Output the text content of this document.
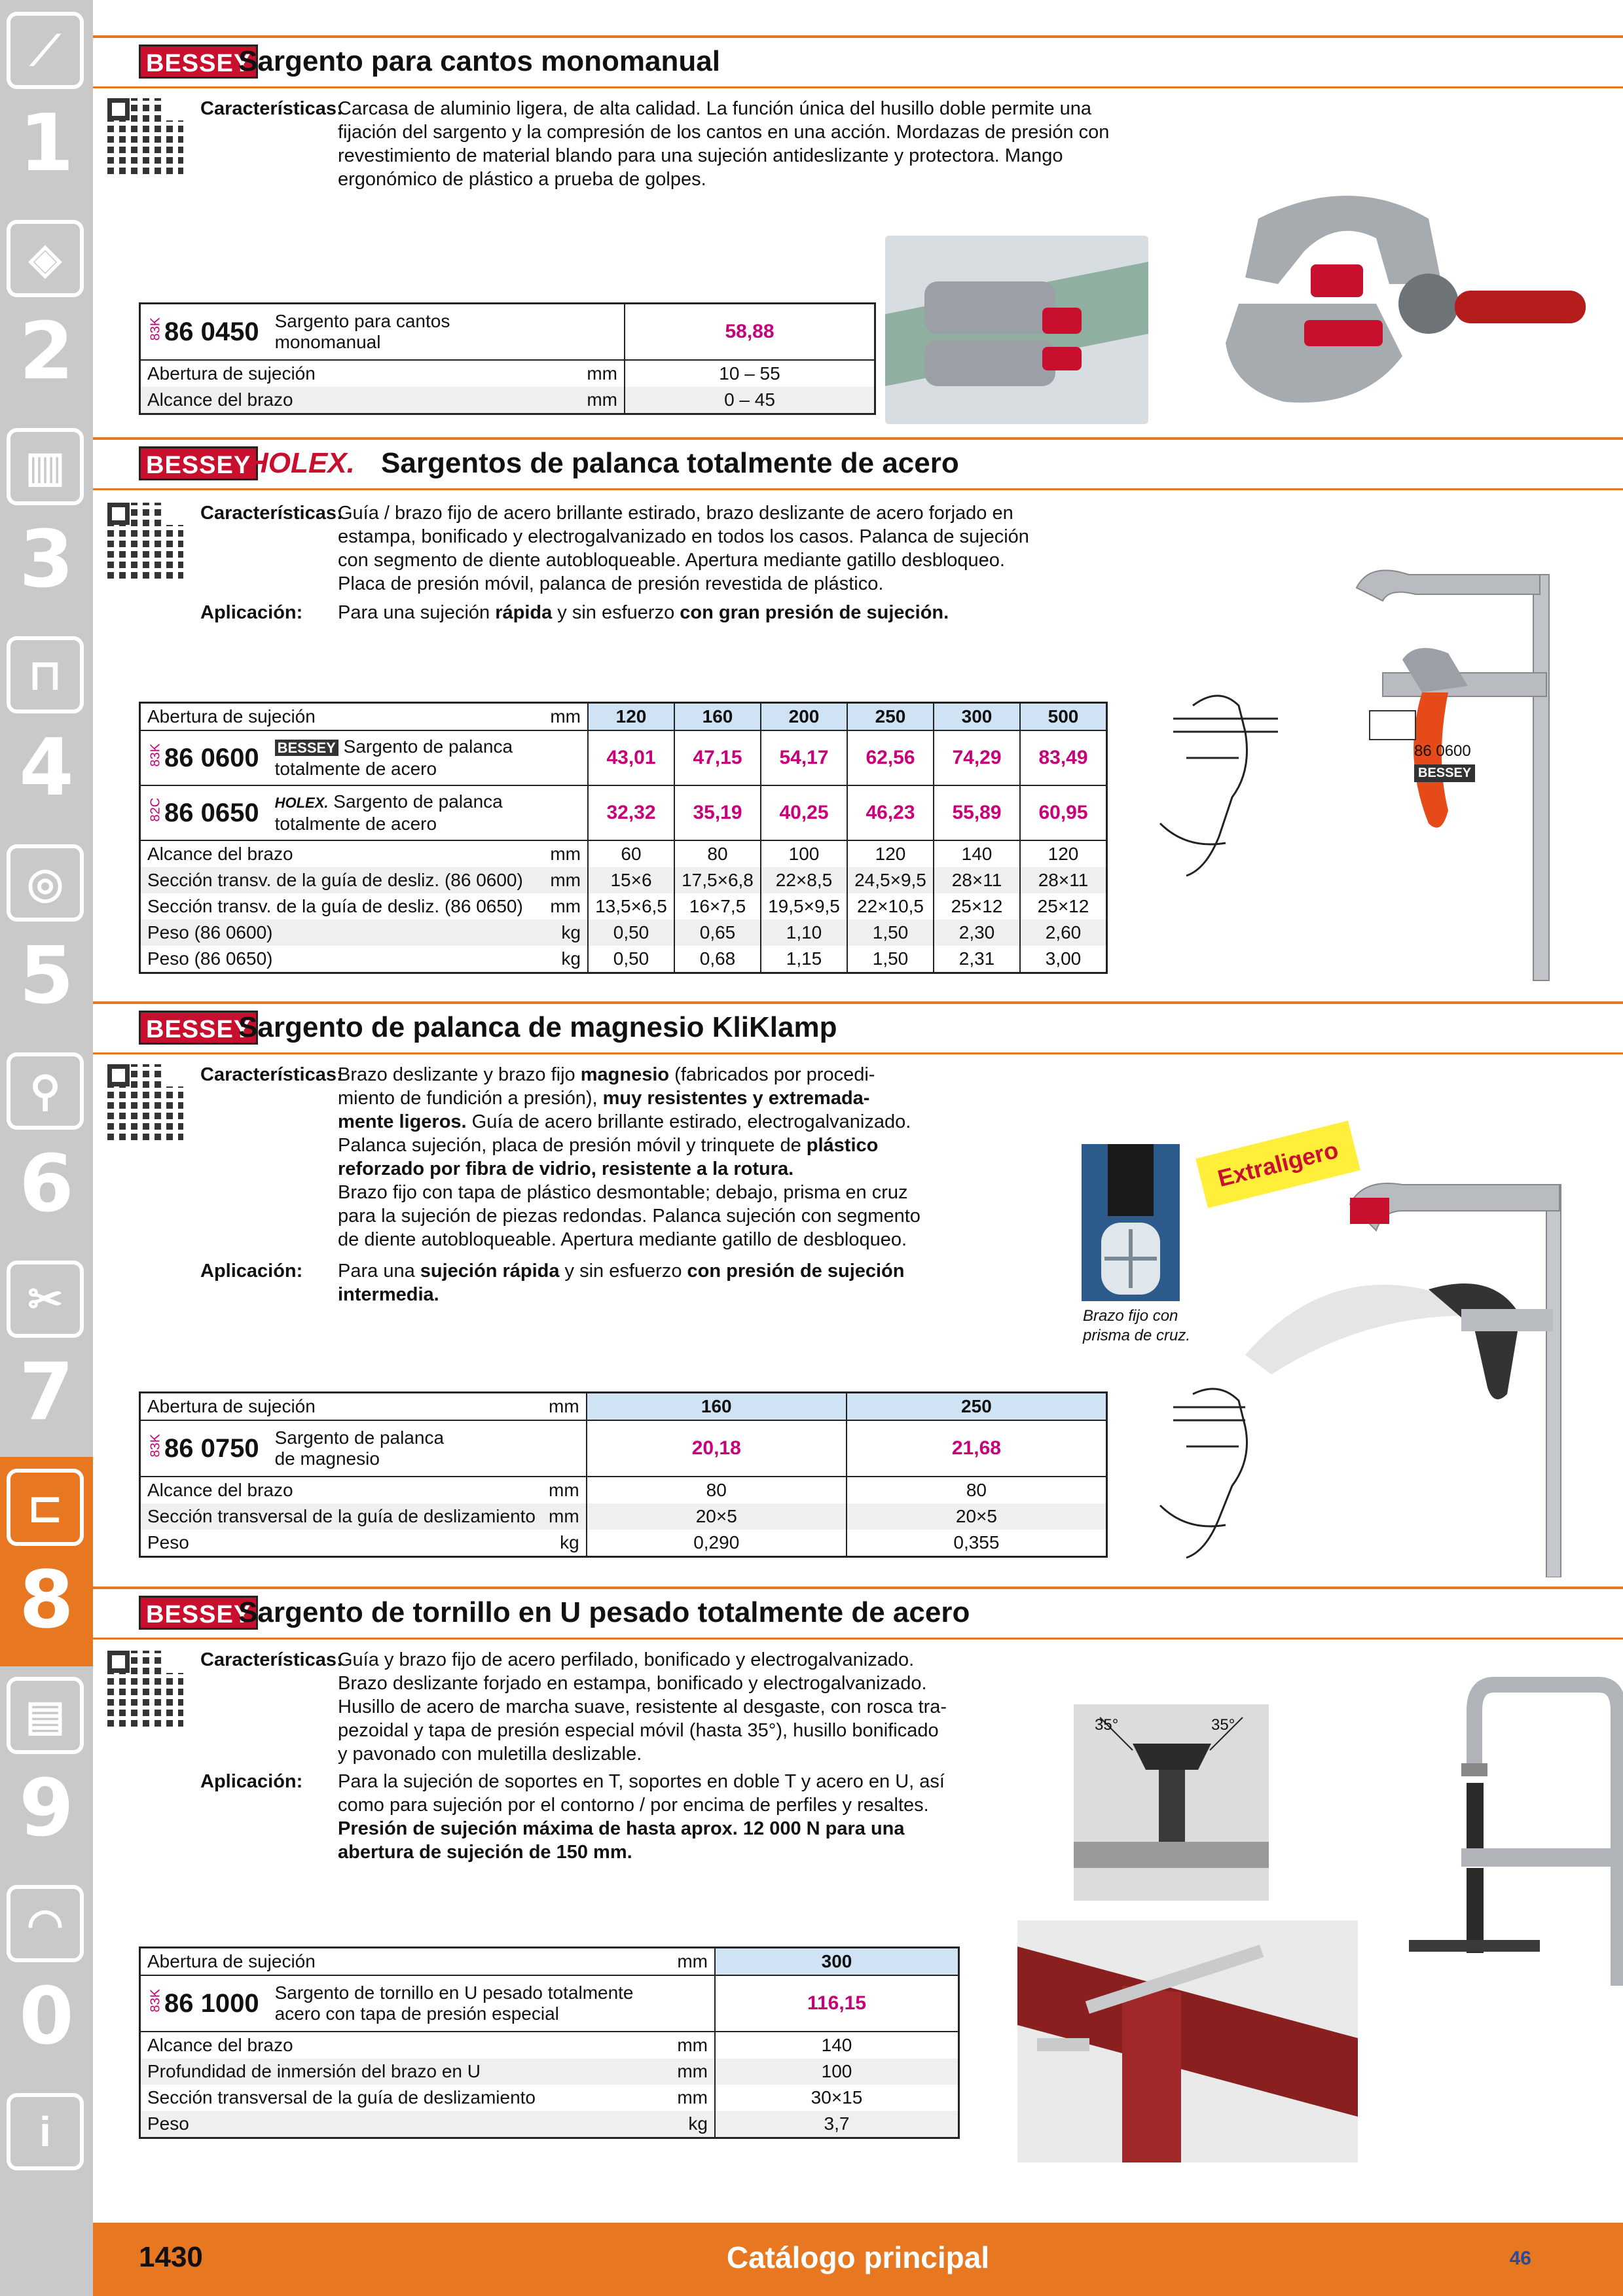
⟋
1
◈
2
▥
3
⊓
4
◎
5
⚲
6
✂
7
⊏
8
▤
9
◠
0
i
BESSEY
Sargento para cantos monomanual
Características:
Carcasa de aluminio ligera, de alta calidad. La función única del husillo doble permite una
fijación del sargento y la compresión de los cantos en una acción. Mordazas de presión con
revestimiento de material blando para una sujeción antideslizante y protectora. Mango
ergonómico de plástico a prueba de golpes.
83K86 0450 Sargento para cantos
monomanual		58,88
Abertura de sujeción	mm	10 – 55
Alcance del brazo	mm	0 – 45
BESSEY
HOLEX. Sargentos de palanca totalmente de acero
Características:
Guía / brazo fijo de acero brillante estirado, brazo deslizante de acero forjado en
estampa, bonificado y electrogalvanizado en todos los casos. Palanca de sujeción
con segmento de diente autobloqueable. Apertura mediante gatillo desbloqueo.
Placa de presión móvil, palanca de presión revestida de plástico.
Aplicación: Para una sujeción rápida y sin esfuerzo con gran presión de sujeción.
Abertura de sujeción	mm	120	160	200	250	300	500
83K86 0600 BESSEY Sargento de palanca
totalmente de acero		43,01	47,15	54,17	62,56	74,29	83,49
82C86 0650 HOLEX. Sargento de palanca
totalmente de acero		32,32	35,19	40,25	46,23	55,89	60,95
Alcance del brazo	mm	60	80	100	120	140	120
Sección transv. de la guía de desliz. (86 0600)	mm	15×6	17,5×6,8	22×8,5	24,5×9,5	28×11	28×11
Sección transv. de la guía de desliz. (86 0650)	mm	13,5×6,5	16×7,5	19,5×9,5	22×10,5	25×12	25×12
Peso (86 0600)	kg	0,50	0,65	1,10	1,50	2,30	2,60
Peso (86 0650)	kg	0,50	0,68	1,15	1,50	2,31	3,00
86 0600
BESSEY
BESSEY
Sargento de palanca de magnesio KliKlamp
Características:
Brazo deslizante y brazo fijo magnesio (fabricados por procedi-
miento de fundición a presión), muy resistentes y extremada-
mente ligeros. Guía de acero brillante estirado, electrogalvanizado.
Palanca sujeción, placa de presión móvil y trinquete de plástico
reforzado por fibra de vidrio, resistente a la rotura.
Brazo fijo con tapa de plástico desmontable; debajo, prisma en cruz
para la sujeción de piezas redondas. Palanca sujeción con segmento
de diente autobloqueable. Apertura mediante gatillo de desbloqueo.
Aplicación: Para una sujeción rápida y sin esfuerzo con presión de sujeción
intermedia.
Brazo fijo con
prisma de cruz.
Extraligero
Abertura de sujeción	mm	160	250
83K86 0750 Sargento de palanca
de magnesio		20,18	21,68
Alcance del brazo	mm	80	80
Sección transversal de la guía de deslizamiento	mm	20×5	20×5
Peso	kg	0,290	0,355
BESSEY
Sargento de tornillo en U pesado totalmente de acero
Características:
Guía y brazo fijo de acero perfilado, bonificado y electrogalvanizado.
Brazo deslizante forjado en estampa, bonificado y electrogalvanizado.
Husillo de acero de marcha suave, resistente al desgaste, con rosca tra-
pezoidal y tapa de presión especial móvil (hasta 35°), husillo bonificado
y pavonado con muletilla deslizable.
Aplicación: Para la sujeción de soportes en T, soportes en doble T y acero en U, así
como para sujeción por el contorno / por encima de perfiles y resaltes.
Presión de sujeción máxima de hasta aprox. 12 000 N para una
abertura de sujeción de 150 mm.
35°	35°
Abertura de sujeción	mm	300
83K86 1000 Sargento de tornillo en U pesado totalmente
acero con tapa de presión especial		116,15
Alcance del brazo	mm	140
Profundidad de inmersión del brazo en U	mm	100
Sección transversal de la guía de deslizamiento	mm	30×15
Peso	kg	3,7
1430	Catálogo principal	46
